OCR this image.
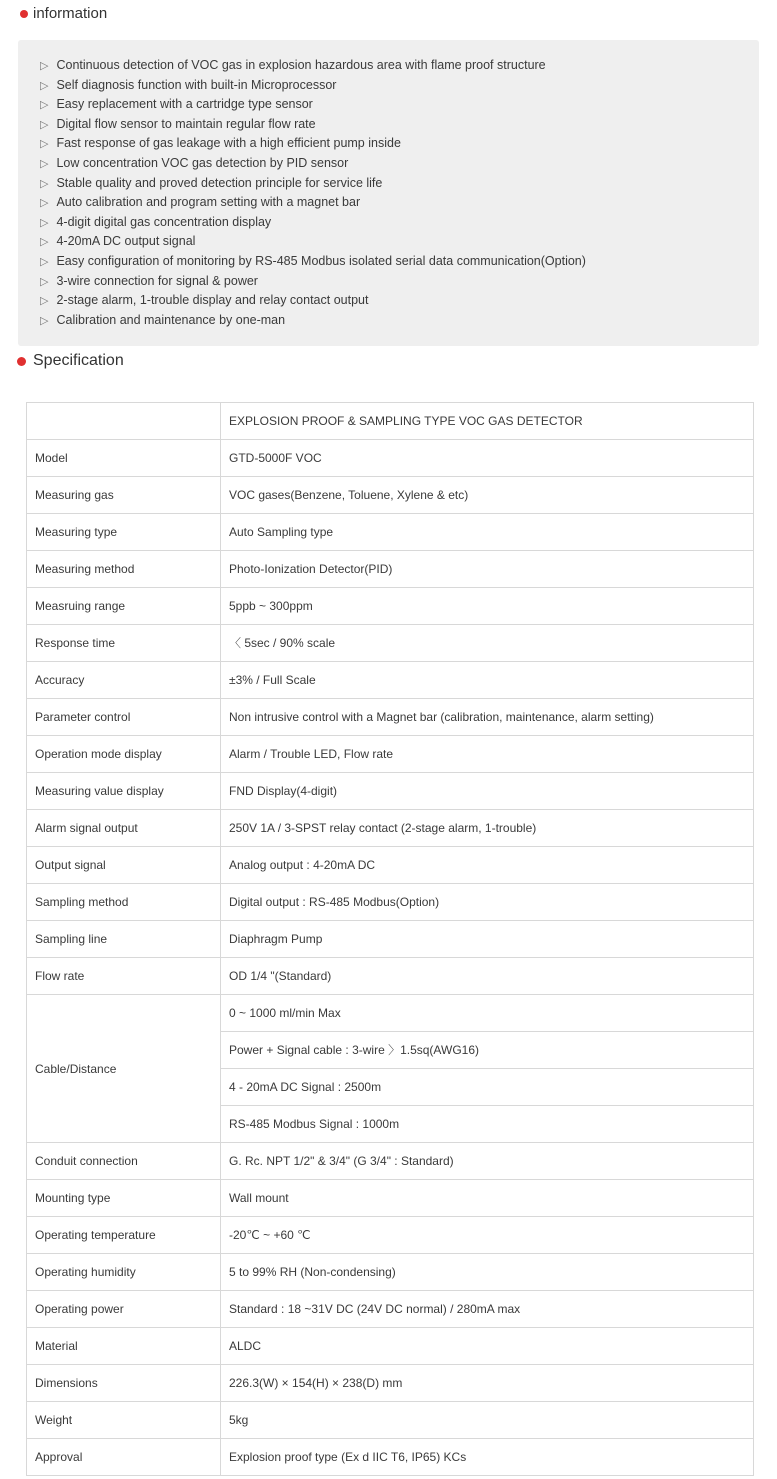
information
▷ Continuous detection of VOC gas in explosion hazardous area with flame proof structure
▷ Self diagnosis function with built-in Microprocessor
▷ Easy replacement with a cartridge type sensor
▷ Digital flow sensor to maintain regular flow rate
▷ Fast response of gas leakage with a high efficient pump inside
▷ Low concentration VOC gas detection by PID sensor
▷ Stable quality and proved detection principle for service life
▷ Auto calibration and program setting with a magnet bar
▷ 4-digit digital gas concentration display
▷ 4-20mA DC output signal
▷ Easy configuration of monitoring by RS-485 Modbus isolated serial data communication(Option)
▷ 3-wire connection for signal & power
▷ 2-stage alarm, 1-trouble display and relay contact output
▷ Calibration and maintenance by one-man
Specification
	EXPLOSION PROOF & SAMPLING TYPE VOC GAS DETECTOR
Model	GTD-5000F VOC
Measuring gas	VOC gases(Benzene, Toluene, Xylene & etc)
Measuring type	Auto Sampling type
Measuring method	Photo-Ionization Detector(PID)
Measruing range	5ppb ~ 300ppm
Response time	〈 5sec / 90% scale
Accuracy	±3% / Full Scale
Parameter control	Non intrusive control with a Magnet bar (calibration, maintenance, alarm setting)
Operation mode display	Alarm / Trouble LED, Flow rate
Measuring value display	FND Display(4-digit)
Alarm signal output	250V 1A / 3-SPST relay contact (2-stage alarm, 1-trouble)
Output signal	Analog output : 4-20mA DC
Sampling method	Digital output : RS-485 Modbus(Option)
Sampling line	Diaphragm Pump
Flow rate	OD 1/4 "(Standard)
Cable/Distance	0 ~ 1000 ml/min Max
	Power + Signal cable : 3-wire 〉1.5sq(AWG16)
	4 - 20mA DC Signal : 2500m
	RS-485 Modbus Signal : 1000m
Conduit connection	G. Rc. NPT 1/2" & 3/4" (G 3/4" : Standard)
Mounting type	Wall mount
Operating temperature	-20℃ ~ +60 ℃
Operating humidity	5 to 99% RH (Non-condensing)
Operating power	Standard : 18 ~31V DC (24V DC normal) / 280mA max
Material	ALDC
Dimensions	226.3(W) × 154(H) × 238(D) mm
Weight	5kg
Approval	Explosion proof type (Ex d IIC T6, IP65) KCs
